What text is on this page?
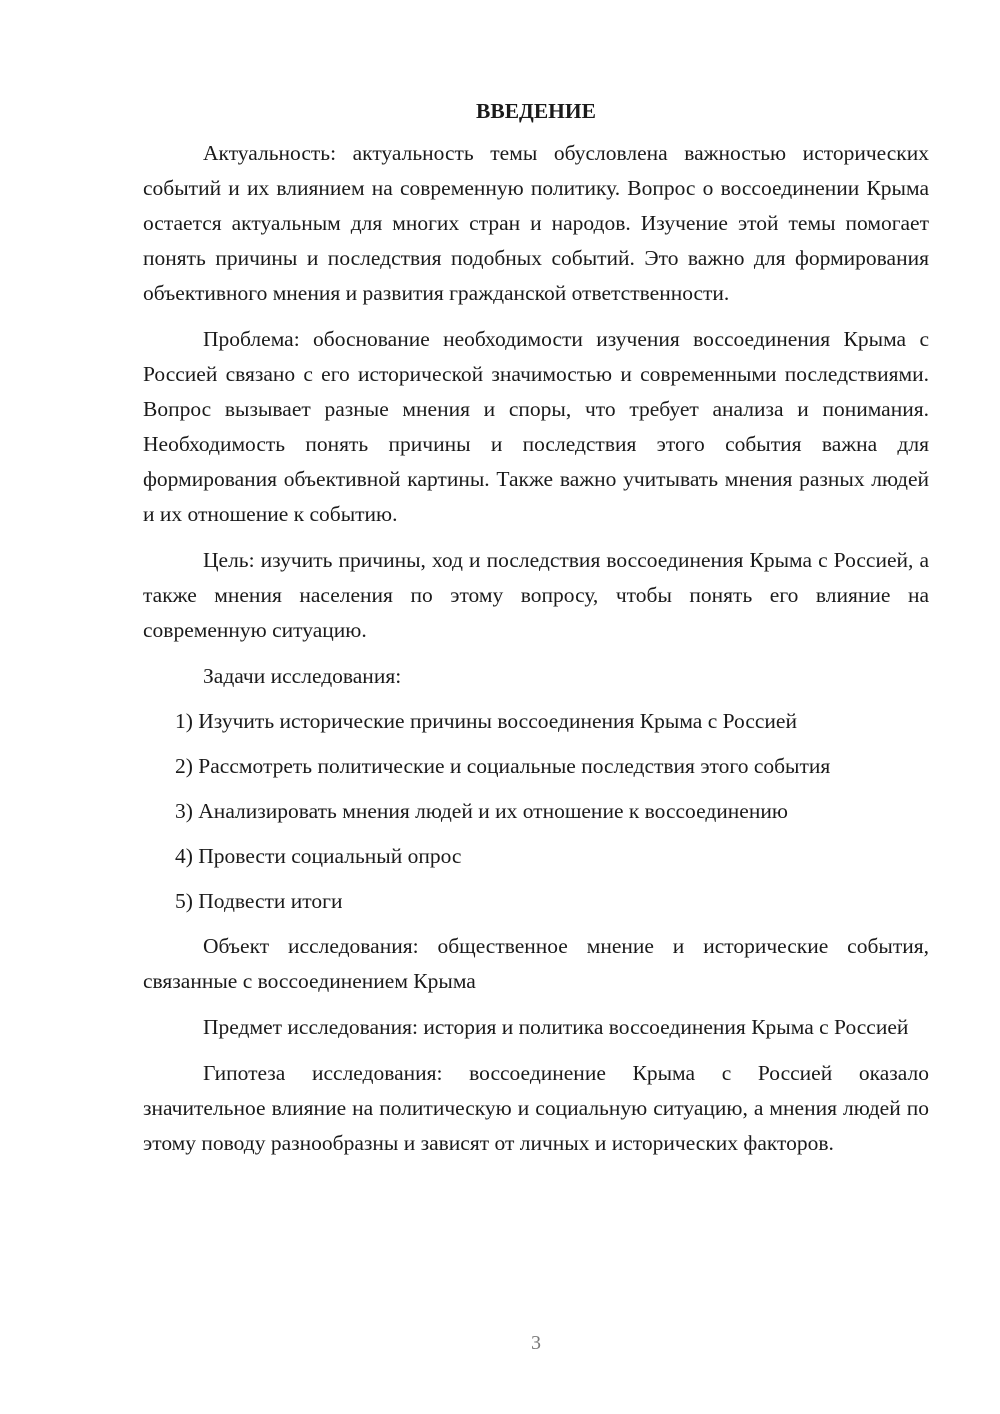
ВВЕДЕНИЕ

Актуальность: актуальность темы обусловлена важностью исторических событий и их влиянием на современную политику. Вопрос о воссоединении Крыма остается актуальным для многих стран и народов. Изучение этой темы помогает понять причины и последствия подобных событий. Это важно для формирования объективного мнения и развития гражданской ответственности.

Проблема: обоснование необходимости изучения воссоединения Крыма с Россией связано с его исторической значимостью и современными последствиями. Вопрос вызывает разные мнения и споры, что требует анализа и понимания. Необходимость понять причины и последствия этого события важна для формирования объективной картины. Также важно учитывать мнения разных людей и их отношение к событию.

Цель: изучить причины, ход и последствия воссоединения Крыма с Россией, а также мнения населения по этому вопросу, чтобы понять его влияние на современную ситуацию.

Задачи исследования:
1) Изучить исторические причины воссоединения Крыма с Россией
2) Рассмотреть политические и социальные последствия этого события
3) Анализировать мнения людей и их отношение к воссоединению
4) Провести социальный опрос
5) Подвести итоги

Объект исследования: общественное мнение и исторические события, связанные с воссоединением Крыма

Предмет исследования: история и политика воссоединения Крыма с Россией

Гипотеза исследования: воссоединение Крыма с Россией оказало значительное влияние на политическую и социальную ситуацию, а мнения людей по этому поводу разнообразны и зависят от личных и исторических факторов.

3
